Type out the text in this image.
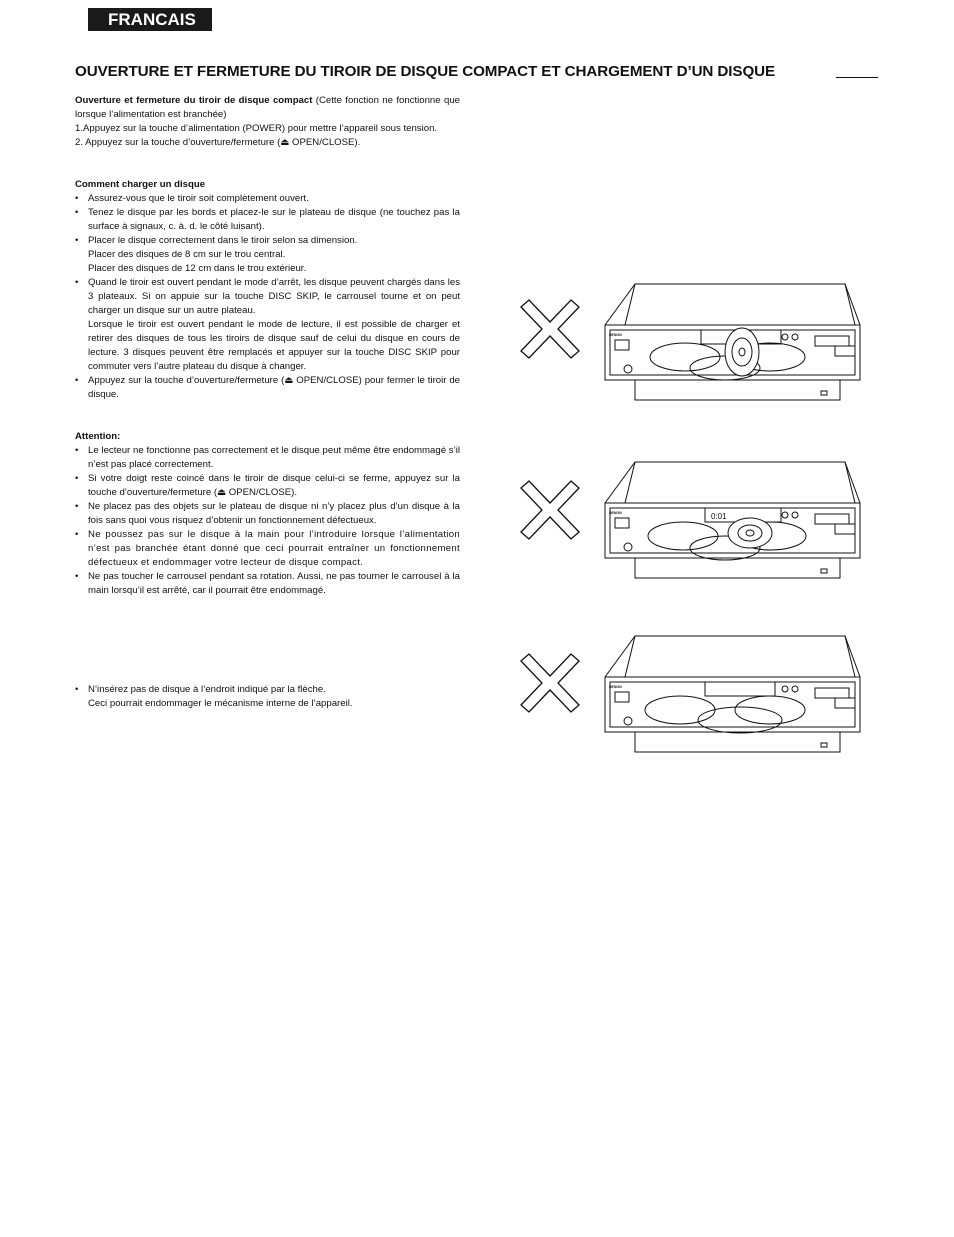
FRANCAIS
OUVERTURE ET FERMETURE DU TIROIR DE DISQUE COMPACT ET CHARGEMENT D’UN DISQUE

Ouverture et fermeture du tiroir de disque compact (Cette fonction ne fonctionne que lorsque l’alimentation est branchée)

1.Appuyez sur la touche d’alimentation (POWER) pour mettre l’appareil sous tension.

2. Appuyez sur la touche d’ouverture/fermeture (⏏ OPEN/CLOSE).

Comment charger un disque

• Assurez-vous que le tiroir soit complètement ouvert.
• Tenez le disque par les bords et placez-le sur le plateau de disque (ne touchez pas la surface à signaux, c. à. d. le côté luisant).
• Placer le disque correctement dans le tiroir selon sa dimension.
Placer des disques de 8 cm sur le trou central.
Placer des disques de 12 cm dans le trou extérieur.
• Quand le tiroir est ouvert pendant le mode d’arrêt, les disque peuvent chargés dans les 3 plateaux. Si on appuie sur la touche DISC SKIP, le carrousel tourne et on peut charger un disque sur un autre plateau.
Lorsque le tiroir est ouvert pendant le mode de lecture, il est possible de charger et retirer des disques de tous les tiroirs de disque sauf de celui du disque en cours de lecture. 3 disques peuvent être remplacés et appuyer sur la touche DISC SKIP pour commuter vers l’autre plateau du disque à changer.
• Appuyez sur la touche d’ouverture/fermeture (⏏ OPEN/CLOSE) pour fermer le tiroir de disque.

Attention:

• Le lecteur ne fonctionne pas correctement et le disque peut même être endommagé s’il n’est pas placé correctement.
• Si votre doigt reste coincé dans le tiroir de disque celui-ci se ferme, appuyez sur la touche d’ouverture/fermeture (⏏ OPEN/CLOSE).
• Ne placez pas des objets sur le plateau de disque ni n’y placez plus d’un disque à la fois sans quoi vous risquez d’obtenir un fonctionnement défectueux.
• Ne poussez pas sur le disque à la main pour l’introduire lorsque l’alimentation n’est pas branchée étant donné que ceci pourrait entraîner un fonctionnement défectueux et endommager votre lecteur de disque compact.
• Ne pas toucher le carrousel pendant sa rotation. Aussi, ne pas tourner le carrousel à la main lorsqu’il est arrêté, car il pourrait être endommagé.
• N’insérez pas de disque à l’endroit indiqué par la flèche.
Ceci pourrait endommager le mécanisme interne de l’appareil.
DENON
DENON	0:01
DENON
